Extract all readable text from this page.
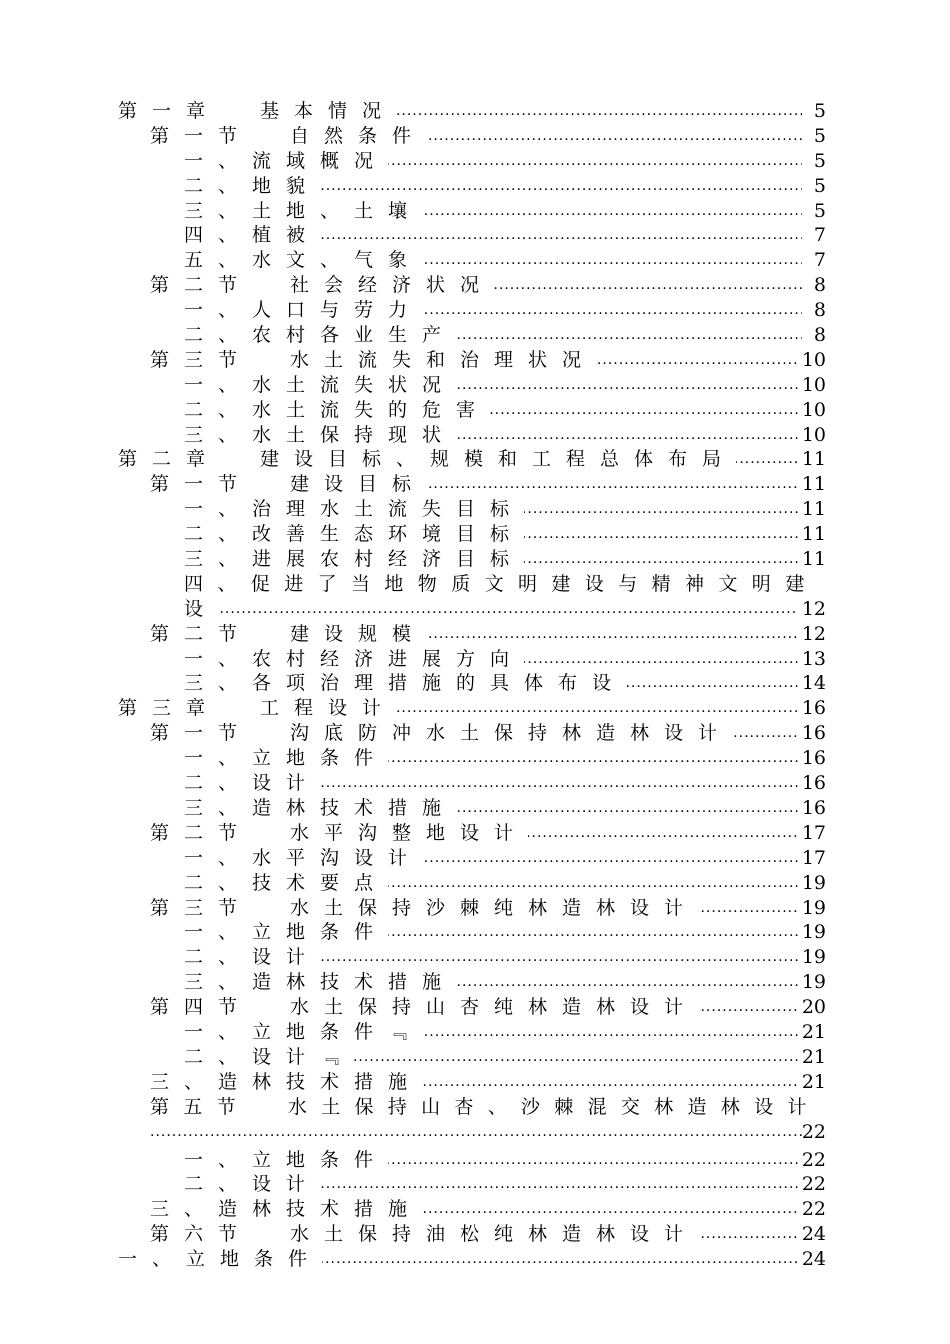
.....
第一章 基本情况	5
.....
第一节 自然条件	5
.....
一、流域概况	5
.....
二、地貌	5
.....
三、土地、土壤	5
.....
四、植被	7
.....
五、水文、气象	7
.....
第二节 社会经济状况	8
.....
一、人口与劳力	8
.....
二、农村各业生产	8
.....
第三节 水土流失和治理状况	10
.....
一、水土流失状况	10
.....
二、水土流失的危害	10
.....
三、水土保持现状	10
.....
第二章 建设目标、规模和工程总体布局	11
.....
第一节 建设目标	11
.....
一、治理水土流失目标	11
.....
二、改善生态环境目标	11
.....
三、进展农村经济目标	11
四、促进了当地物质文明建设与精神文明建
.....
设	12
.....
第二节 建设规模	12
.....
一、农村经济进展方向	13
.....
三、各项治理措施的具体布设	14
.....
第三章 工程设计	16
.....
第一节 沟底防冲水土保持林造林设计	16
.....
一、立地条件	16
.....
二、设计	16
.....
三、造林技术措施	16
.....
第二节 水平沟整地设计	17
.....
一、水平沟设计	17
.....
二、技术要点	19
.....
第三节 水土保持沙棘纯林造林设计	19
.....
一、立地条件	19
.....
二、设计	19
.....
三、造林技术措施	19
.....
第四节 水土保持山杏纯林造林设计	20
.....
一、立地条件﹃	21
.....
二、设计﹃	21
.....
三、造林技术措施	21
第五节 水土保持山杏、沙棘混交林造林设计
.....
22
.....
一、立地条件	22
.....
二、设计	22
.....
三、造林技术措施	22
.....
第六节 水土保持油松纯林造林设计	24
.....
一、立地条件	24
